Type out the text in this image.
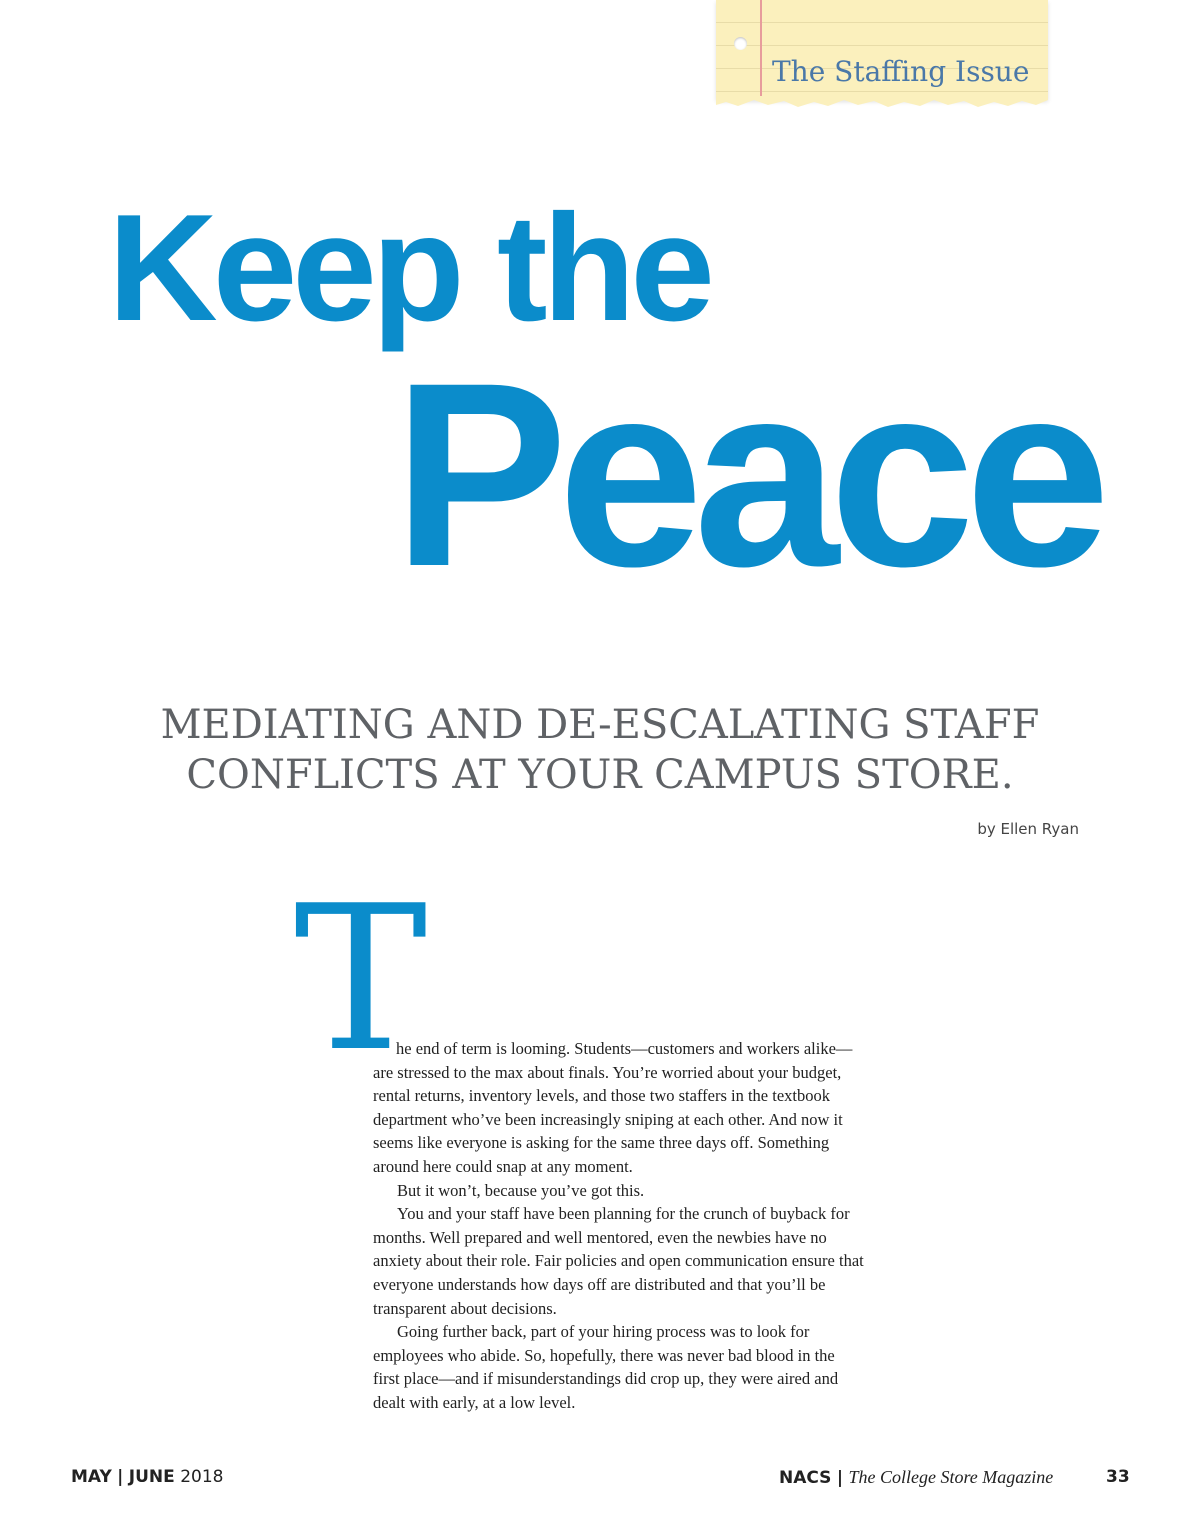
The Staffing Issue
Keep the
Peace
MEDIATING AND DE-ESCALATING STAFF
CONFLICTS AT YOUR CAMPUS STORE.
by Ellen Ryan
T

he end of term is looming. Students—customers and workers alike—are stressed to the max about finals. You’re worried about your budget, rental returns, inventory levels, and those two staffers in the textbook department who’ve been increasingly sniping at each other. And now it seems like everyone is asking for the same three days off. Something around here could snap at any moment.

But it won’t, because you’ve got this.

You and your staff have been planning for the crunch of buyback for months. Well prepared and well mentored, even the newbies have no anxiety about their role. Fair policies and open communication ensure that everyone understands how days off are distributed and that you’ll be transparent about decisions.

Going further back, part of your hiring process was to look for employees who abide. So, hopefully, there was never bad blood in the first place—and if misunderstandings did crop up, they were aired and dealt with early, at a low level.

MAY | JUNE 2018	NACS | The College Store Magazine	33
